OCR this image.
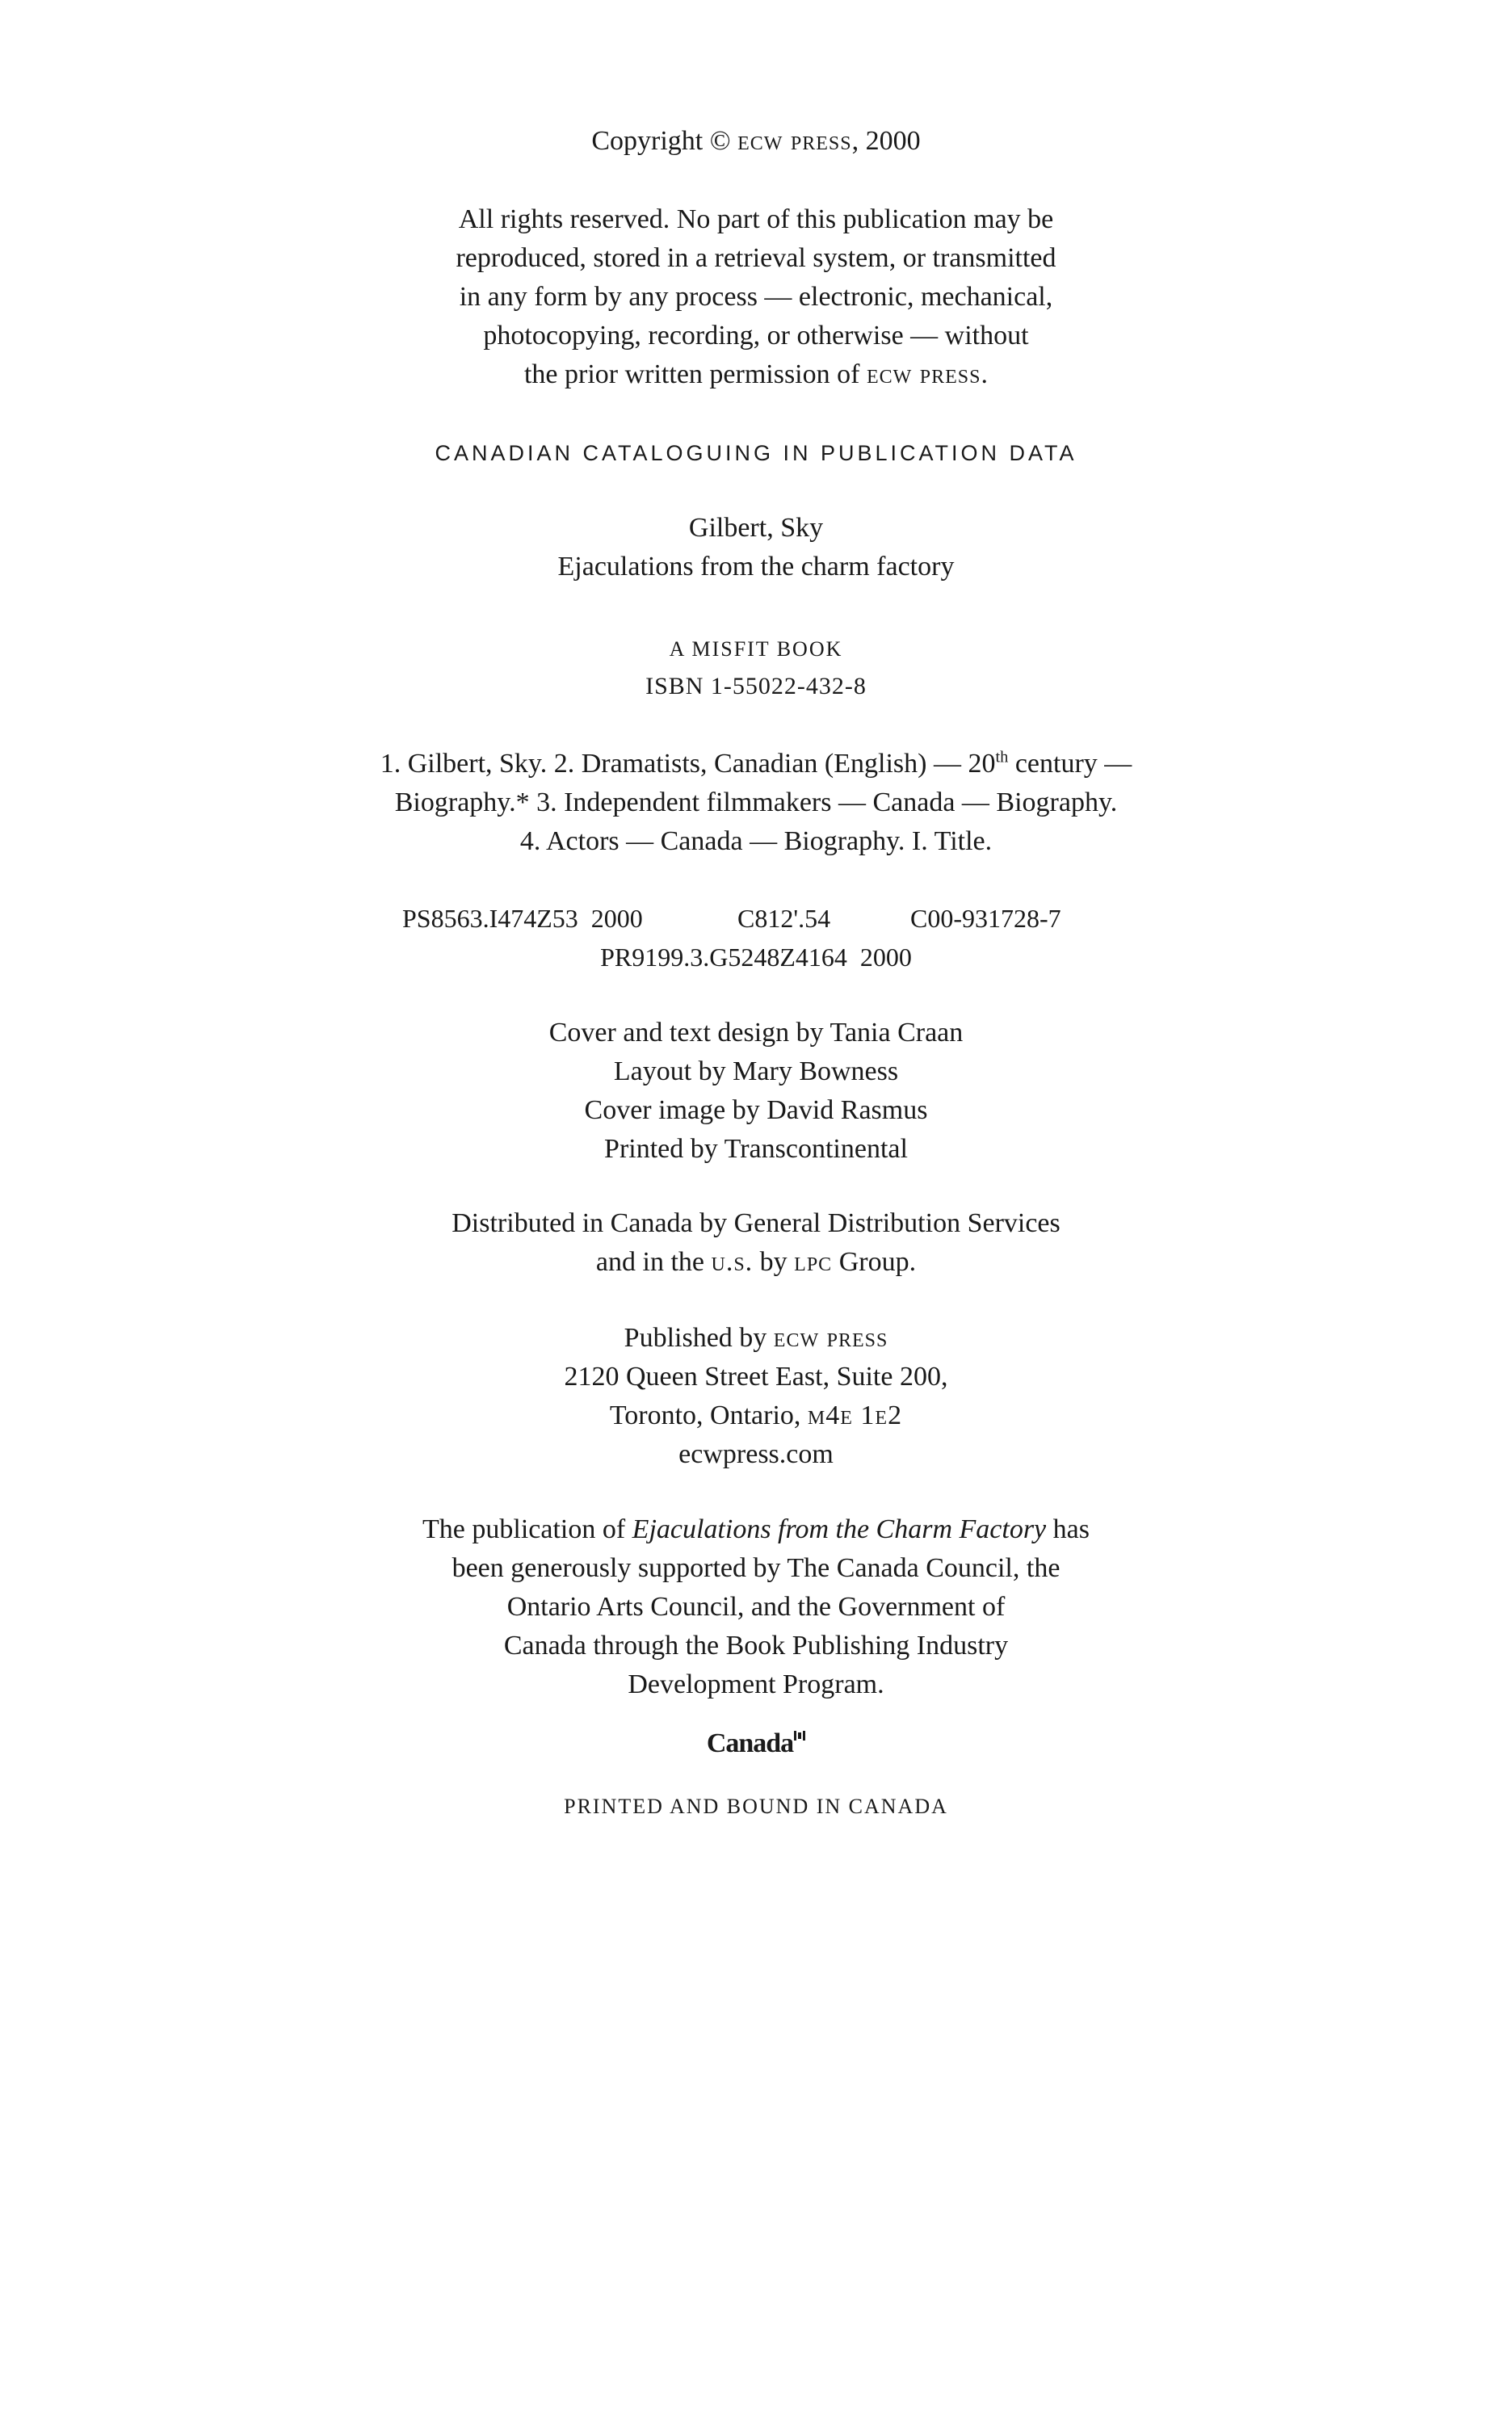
Copyright © ecw press, 2000
All rights reserved. No part of this publication may be
reproduced, stored in a retrieval system, or transmitted
in any form by any process — electronic, mechanical,
photocopying, recording, or otherwise — without
the prior written permission of ecw press.
CANADIAN CATALOGUING IN PUBLICATION DATA
Gilbert, Sky
Ejaculations from the charm factory
A MISFIT BOOK
ISBN 1-55022-432-8
1. Gilbert, Sky. 2. Dramatists, Canadian (English) — 20th century —
Biography.* 3. Independent filmmakers — Canada — Biography.
4. Actors — Canada — Biography. I. Title.
PS8563.I474Z53 2000	C812'.54	C00-931728-7
PR9199.3.G5248Z4164 2000
Cover and text design by Tania Craan
Layout by Mary Bowness
Cover image by David Rasmus
Printed by Transcontinental
Distributed in Canada by General Distribution Services
and in the u.s. by lpc Group.
Published by ecw press
2120 Queen Street East, Suite 200,
Toronto, Ontario, m4e 1e2
ecwpress.com
The publication of Ejaculations from the Charm Factory has
been generously supported by The Canada Council, the
Ontario Arts Council, and the Government of
Canada through the Book Publishing Industry
Development Program.
Canada
PRINTED AND BOUND IN CANADA
